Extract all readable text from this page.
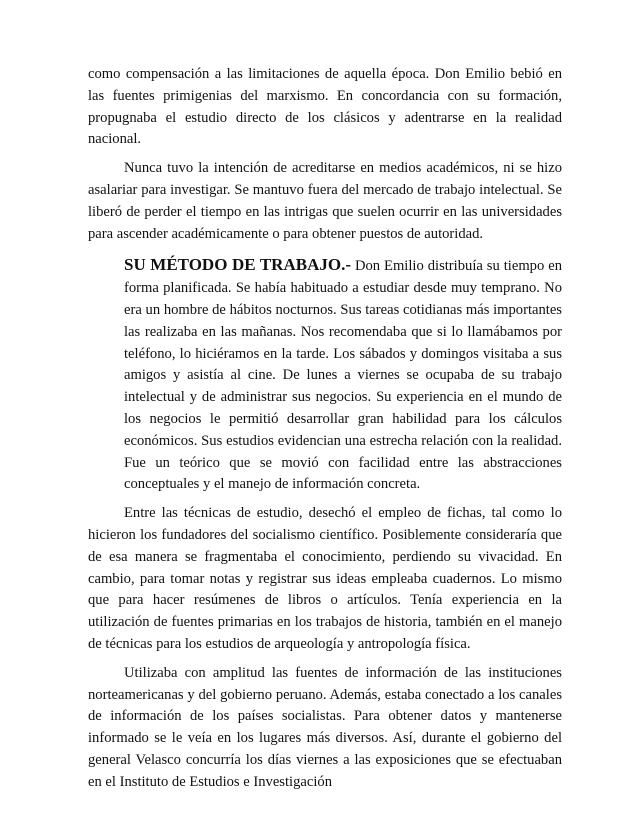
como compensación a las limitaciones de aquella época. Don Emilio bebió en las fuentes primigenias del marxismo. En concordancia con su formación, propugnaba el estudio directo de los clásicos y adentrarse en la realidad nacional.

Nunca tuvo la intención de acreditarse en medios académicos, ni se hizo asalariar para investigar. Se mantuvo fuera del mercado de trabajo intelectual. Se liberó de perder el tiempo en las intrigas que suelen ocurrir en las universidades para ascender académicamente o para obtener puestos de autoridad.

SU MÉTODO DE TRABAJO.- Don Emilio distribuía su tiempo en forma planificada. Se había habituado a estudiar desde muy temprano. No era un hombre de hábitos nocturnos. Sus tareas cotidianas más importantes las realizaba en las mañanas. Nos recomendaba que si lo llamábamos por teléfono, lo hiciéramos en la tarde. Los sábados y domingos visitaba a sus amigos y asistía al cine. De lunes a viernes se ocupaba de su trabajo intelectual y de administrar sus negocios. Su experiencia en el mundo de los negocios le permitió desarrollar gran habilidad para los cálculos económicos. Sus estudios evidencian una estrecha relación con la realidad. Fue un teórico que se movió con facilidad entre las abstracciones conceptuales y el manejo de información concreta.

Entre las técnicas de estudio, desechó el empleo de fichas, tal como lo hicieron los fundadores del socialismo científico. Posiblemente consideraría que de esa manera se fragmentaba el conocimiento, perdiendo su vivacidad. En cambio, para tomar notas y registrar sus ideas empleaba cuadernos. Lo mismo que para hacer resúmenes de libros o artículos. Tenía experiencia en la utilización de fuentes primarias en los trabajos de historia, también en el manejo de técnicas para los estudios de arqueología y antropología física.

Utilizaba con amplitud las fuentes de información de las instituciones norteamericanas y del gobierno peruano. Además, estaba conectado a los canales de información de los países socialistas. Para obtener datos y mantenerse informado se le veía en los lugares más diversos. Así, durante el gobierno del general Velasco concurría los días viernes a las exposiciones que se efectuaban en el Instituto de Estudios e Investigación
